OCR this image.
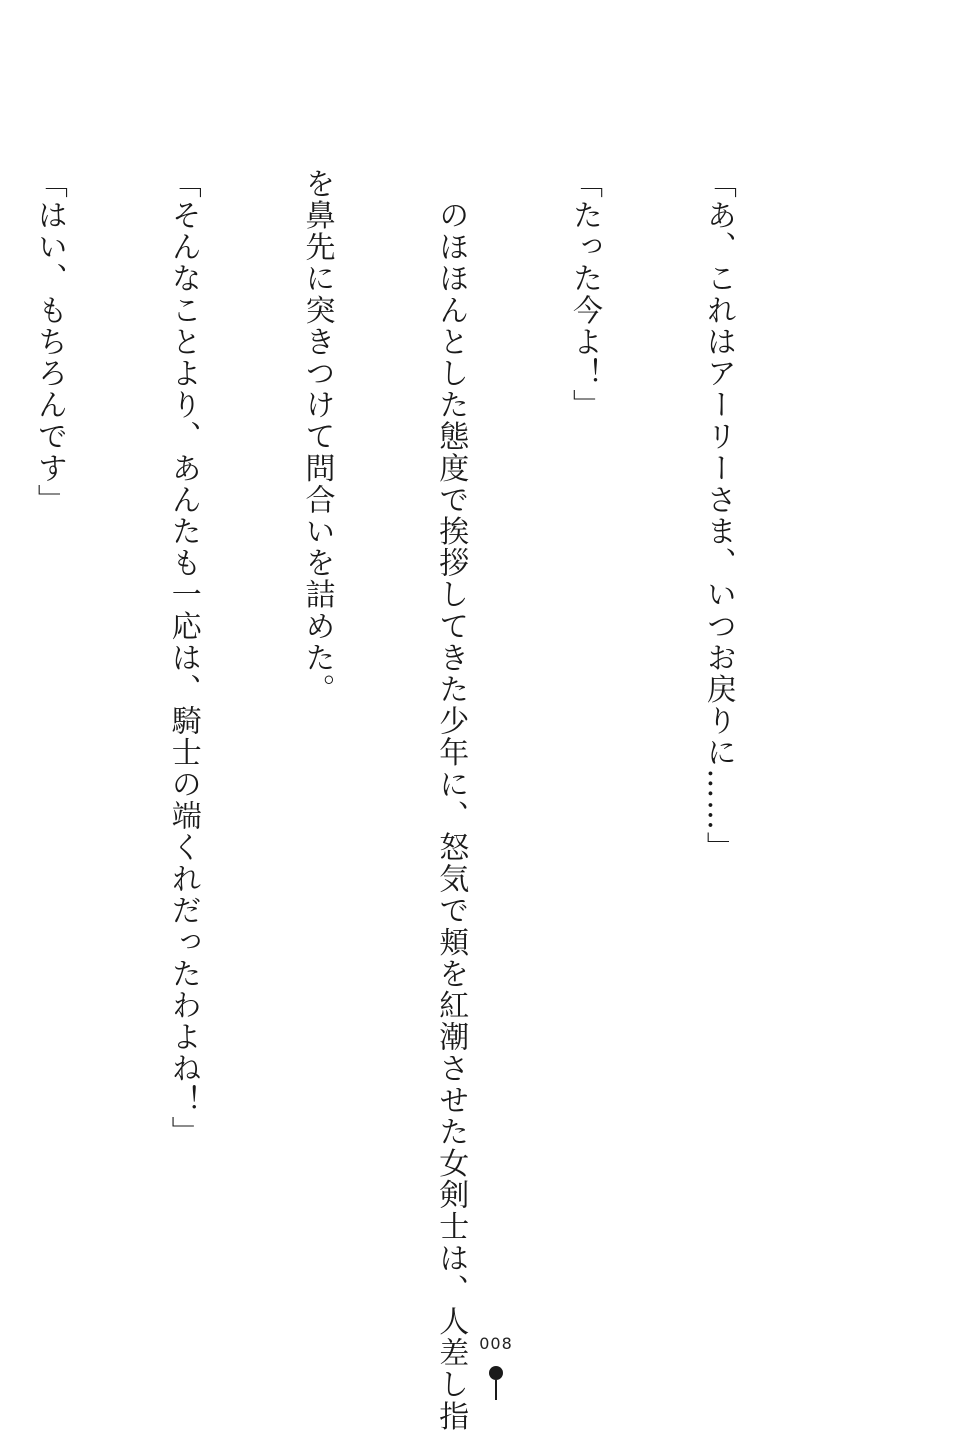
「あ、これはアーリーさま、いつお戻りに……」

「たった今よ！」

　のほほんとした態度で挨拶してきた少年に、怒気で頬を紅潮させた女剣士は、人差し指

を鼻先に突きつけて問合いを詰めた。

「そんなことより、あんたも一応は、騎士の端くれだったわよね！」

「はい、もちろんです」

008
